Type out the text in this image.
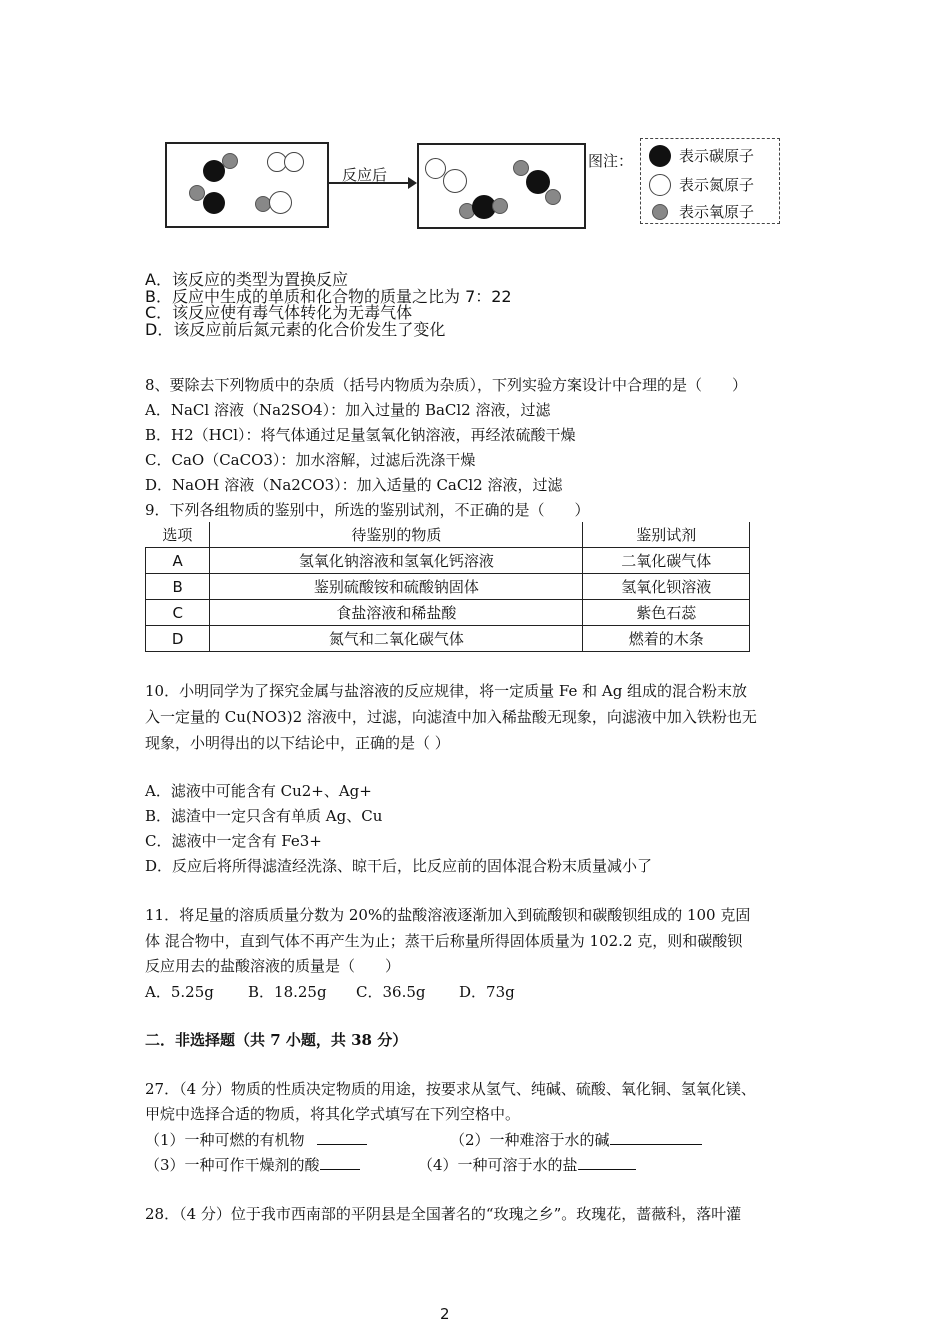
反应后
图注：	表示碳原子
表示氮原子
表示氧原子
A．该反应的类型为置换反应
B．反应中生成的单质和化合物的质量之比为 7：22
C．该反应使有毒气体转化为无毒气体
D．该反应前后氮元素的化合价发生了变化
8、要除去下列物质中的杂质（括号内物质为杂质），下列实验方案设计中合理的是（　　）
A．NaCl 溶液（Na2SO4）：加入过量的 BaCl2 溶液，过滤
B．H2（HCl）：将气体通过足量氢氧化钠溶液，再经浓硫酸干燥
C．CaO（CaCO3）：加水溶解，过滤后洗涤干燥
D．NaOH 溶液（Na2CO3）：加入适量的 CaCl2 溶液，过滤
9．下列各组物质的鉴别中，所选的鉴别试剂，不正确的是（　　）
选项	待鉴别的物质	鉴别试剂
A	氢氧化钠溶液和氢氧化钙溶液	二氧化碳气体
B	鉴别硫酸铵和硫酸钠固体	氢氧化钡溶液
C	食盐溶液和稀盐酸	紫色石蕊
D	氮气和二氧化碳气体	燃着的木条
10．小明同学为了探究金属与盐溶液的反应规律，将一定质量 Fe 和 Ag 组成的混合粉末放
入一定量的 Cu(NO3)2 溶液中，过滤，向滤渣中加入稀盐酸无现象，向滤液中加入铁粉也无
现象，小明得出的以下结论中，正确的是（ ）
A．滤液中可能含有 Cu2+、Ag+
B．滤渣中一定只含有单质 Ag、Cu
C．滤液中一定含有 Fe3+
D．反应后将所得滤渣经洗涤、晾干后，比反应前的固体混合粉末质量减小了
11．将足量的溶质质量分数为 20%的盐酸溶液逐渐加入到硫酸钡和碳酸钡组成的 100 克固
体 混合物中，直到气体不再产生为止；蒸干后称量所得固体质量为 102.2 克，则和碳酸钡
反应用去的盐酸溶液的质量是（　　）
A．5.25g B．18.25g C．36.5g D．73g
二．非选择题（共 7 小题，共 38 分）
27．（4 分）物质的性质决定物质的用途，按要求从氢气、纯碱、硫酸、氧化铜、氢氧化镁、
甲烷中选择合适的物质，将其化学式填写在下列空格中。
（1）一种可燃的有机物	（2）一种难溶于水的碱
（3）一种可作干燥剂的酸	（4）一种可溶于水的盐
28．（4 分）位于我市西南部的平阴县是全国著名的“玫瑰之乡”。玫瑰花，蔷薇科，落叶灌
2
